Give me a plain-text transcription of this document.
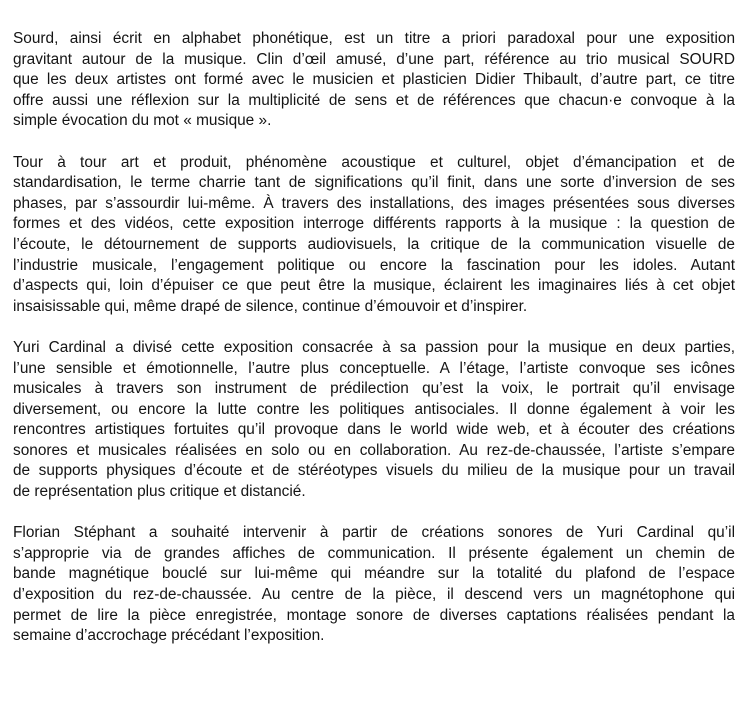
Sourd, ainsi écrit en alphabet phonétique, est un titre a priori paradoxal pour une exposition
gravitant autour de la musique. Clin d’œil amusé, d’une part, référence au trio musical SOURD
que les deux artistes ont formé avec le musicien et plasticien Didier Thibault, d’autre part, ce titre
offre aussi une réflexion sur la multiplicité de sens et de références que chacun·e convoque à la
simple évocation du mot « musique ».

Tour à tour art et produit, phénomène acoustique et culturel, objet d’émancipation et de
standardisation, le terme charrie tant de significations qu’il finit, dans une sorte d’inversion de ses
phases, par s’assourdir lui-même. À travers des installations, des images présentées sous diverses
formes et des vidéos, cette exposition interroge différents rapports à la musique : la question de
l’écoute, le détournement de supports audiovisuels, la critique de la communication visuelle de
l’industrie musicale, l’engagement politique ou encore la fascination pour les idoles. Autant
d’aspects qui, loin d’épuiser ce que peut être la musique, éclairent les imaginaires liés à cet objet
insaisissable qui, même drapé de silence, continue d’émouvoir et d’inspirer.

Yuri Cardinal a divisé cette exposition consacrée à sa passion pour la musique en deux parties,
l’une sensible et émotionnelle, l’autre plus conceptuelle. A l’étage, l’artiste convoque ses icônes
musicales à travers son instrument de prédilection qu’est la voix, le portrait qu’il envisage
diversement, ou encore la lutte contre les politiques antisociales. Il donne également à voir les
rencontres artistiques fortuites qu’il provoque dans le world wide web, et à écouter des créations
sonores et musicales réalisées en solo ou en collaboration. Au rez-de-chaussée, l’artiste s’empare
de supports physiques d’écoute et de stéréotypes visuels du milieu de la musique pour un travail
de représentation plus critique et distancié.

Florian Stéphant a souhaité intervenir à partir de créations sonores de Yuri Cardinal qu’il
s’approprie via de grandes affiches de communication. Il présente également un chemin de
bande magnétique bouclé sur lui-même qui méandre sur la totalité du plafond de l’espace
d’exposition du rez-de-chaussée. Au centre de la pièce, il descend vers un magnétophone qui
permet de lire la pièce enregistrée, montage sonore de diverses captations réalisées pendant la
semaine d’accrochage précédant l’exposition.
